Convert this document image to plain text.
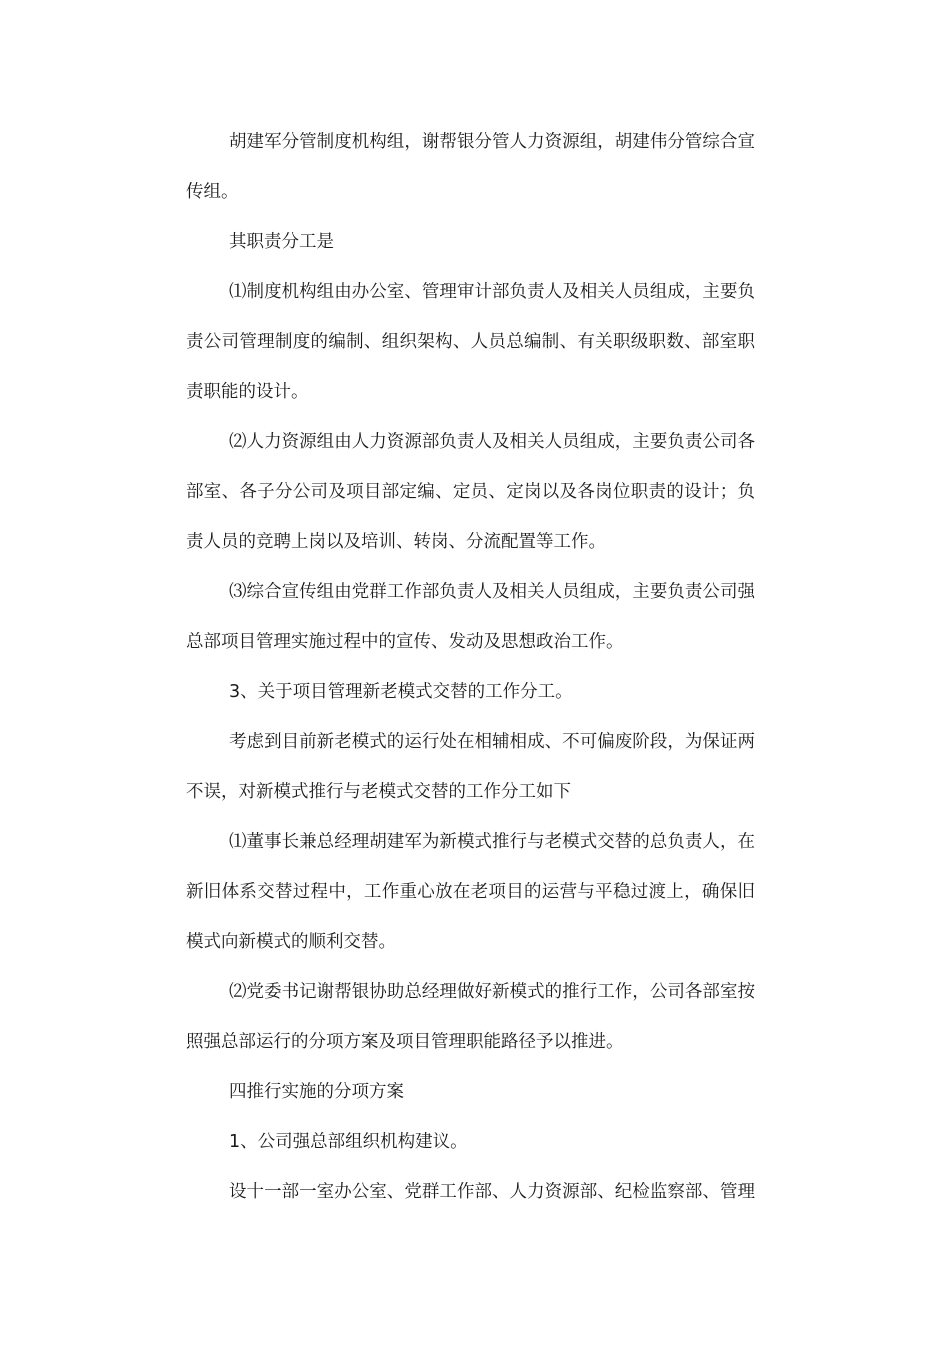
胡建军分管制度机构组，谢帮银分管人力资源组，胡建伟分管综合宣
传组。
其职责分工是
⑴制度机构组由办公室、管理审计部负责人及相关人员组成，主要负
责公司管理制度的编制、组织架构、人员总编制、有关职级职数、部室职
责职能的设计。
⑵人力资源组由人力资源部负责人及相关人员组成，主要负责公司各
部室、各子分公司及项目部定编、定员、定岗以及各岗位职责的设计；负
责人员的竞聘上岗以及培训、转岗、分流配置等工作。
⑶综合宣传组由党群工作部负责人及相关人员组成，主要负责公司强
总部项目管理实施过程中的宣传、发动及思想政治工作。
3、关于项目管理新老模式交替的工作分工。
考虑到目前新老模式的运行处在相辅相成、不可偏废阶段，为保证两
不误，对新模式推行与老模式交替的工作分工如下
⑴董事长兼总经理胡建军为新模式推行与老模式交替的总负责人，在
新旧体系交替过程中，工作重心放在老项目的运营与平稳过渡上，确保旧
模式向新模式的顺利交替。
⑵党委书记谢帮银协助总经理做好新模式的推行工作，公司各部室按
照强总部运行的分项方案及项目管理职能路径予以推进。
四推行实施的分项方案
1、公司强总部组织机构建议。
设十一部一室办公室、党群工作部、人力资源部、纪检监察部、管理
